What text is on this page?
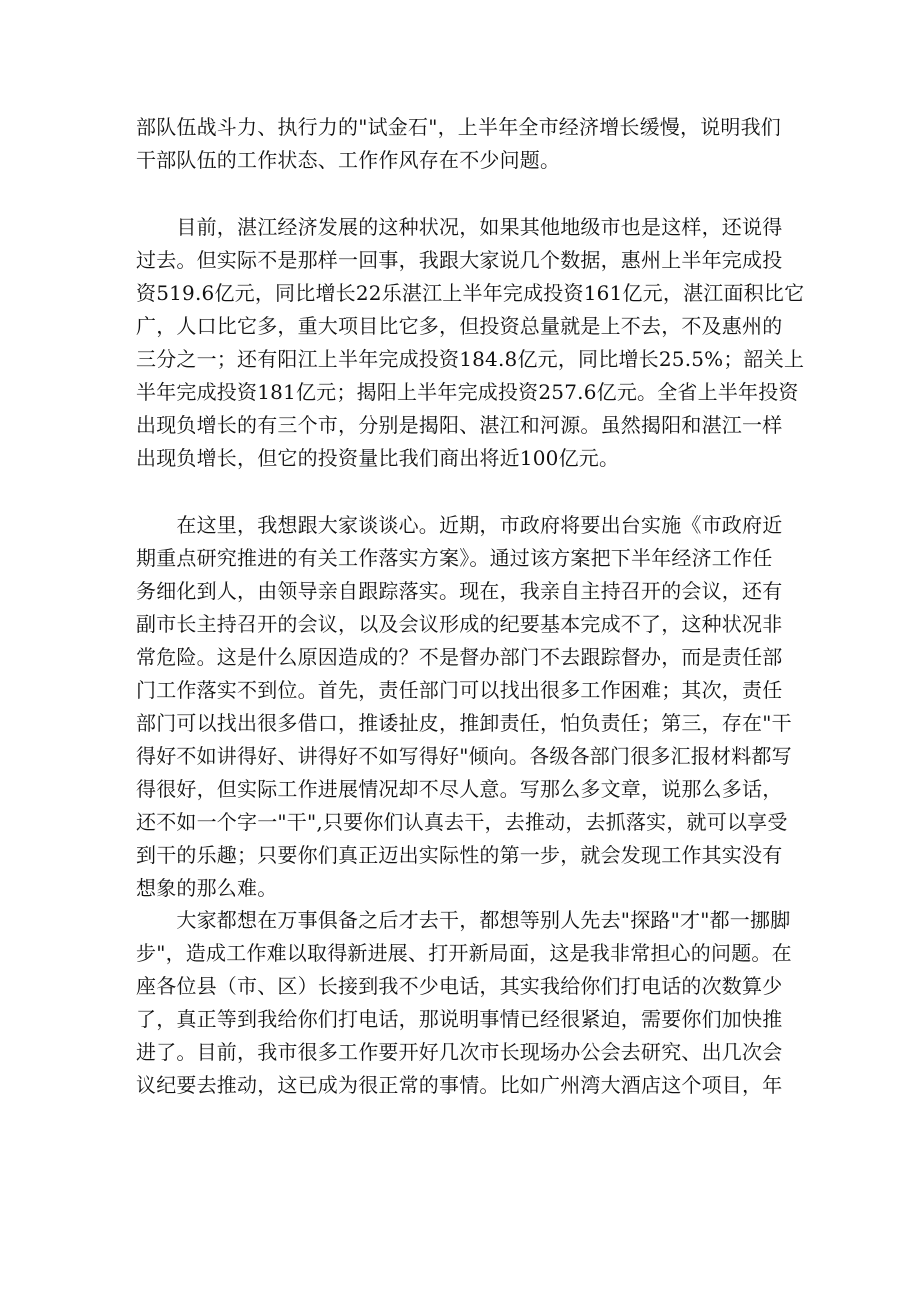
部队伍战斗力、执行力的"试金石"，上半年全市经济增长缓慢，说明我们
干部队伍的工作状态、工作作风存在不少问题。
　　目前，湛江经济发展的这种状况，如果其他地级市也是这样，还说得
过去。但实际不是那样一回事，我跟大家说几个数据，惠州上半年完成投
资519.6亿元，同比增长22乐湛江上半年完成投资161亿元，湛江面积比它
广，人口比它多，重大项目比它多，但投资总量就是上不去，不及惠州的
三分之一；还有阳江上半年完成投资184.8亿元，同比增长25.5%；韶关上
半年完成投资181亿元；揭阳上半年完成投资257.6亿元。全省上半年投资
出现负增长的有三个市，分别是揭阳、湛江和河源。虽然揭阳和湛江一样
出现负增长，但它的投资量比我们商出将近100亿元。
　　在这里，我想跟大家谈谈心。近期，市政府将要出台实施《市政府近
期重点研究推进的有关工作落实方案》。通过该方案把下半年经济工作任
务细化到人，由领导亲自跟踪落实。现在，我亲自主持召开的会议，还有
副市长主持召开的会议，以及会议形成的纪要基本完成不了，这种状况非
常危险。这是什么原因造成的？不是督办部门不去跟踪督办，而是责任部
门工作落实不到位。首先，责任部门可以找出很多工作困难；其次，责任
部门可以找出很多借口，推诿扯皮，推卸责任，怕负责任；第三，存在"干
得好不如讲得好、讲得好不如写得好"倾向。各级各部门很多汇报材料都写
得很好，但实际工作进展情况却不尽人意。写那么多文章，说那么多话，
还不如一个字一"干",只要你们认真去干，去推动，去抓落实，就可以享受
到干的乐趣；只要你们真正迈出实际性的第一步，就会发现工作其实没有
想象的那么难。
　　大家都想在万事俱备之后才去干，都想等别人先去"探路"才"都一挪脚
步"，造成工作难以取得新进展、打开新局面，这是我非常担心的问题。在
座各位县（市、区）长接到我不少电话，其实我给你们打电话的次数算少
了，真正等到我给你们打电话，那说明事情已经很紧迫，需要你们加快推
进了。目前，我市很多工作要开好几次市长现场办公会去研究、出几次会
议纪要去推动，这已成为很正常的事情。比如广州湾大酒店这个项目，年
